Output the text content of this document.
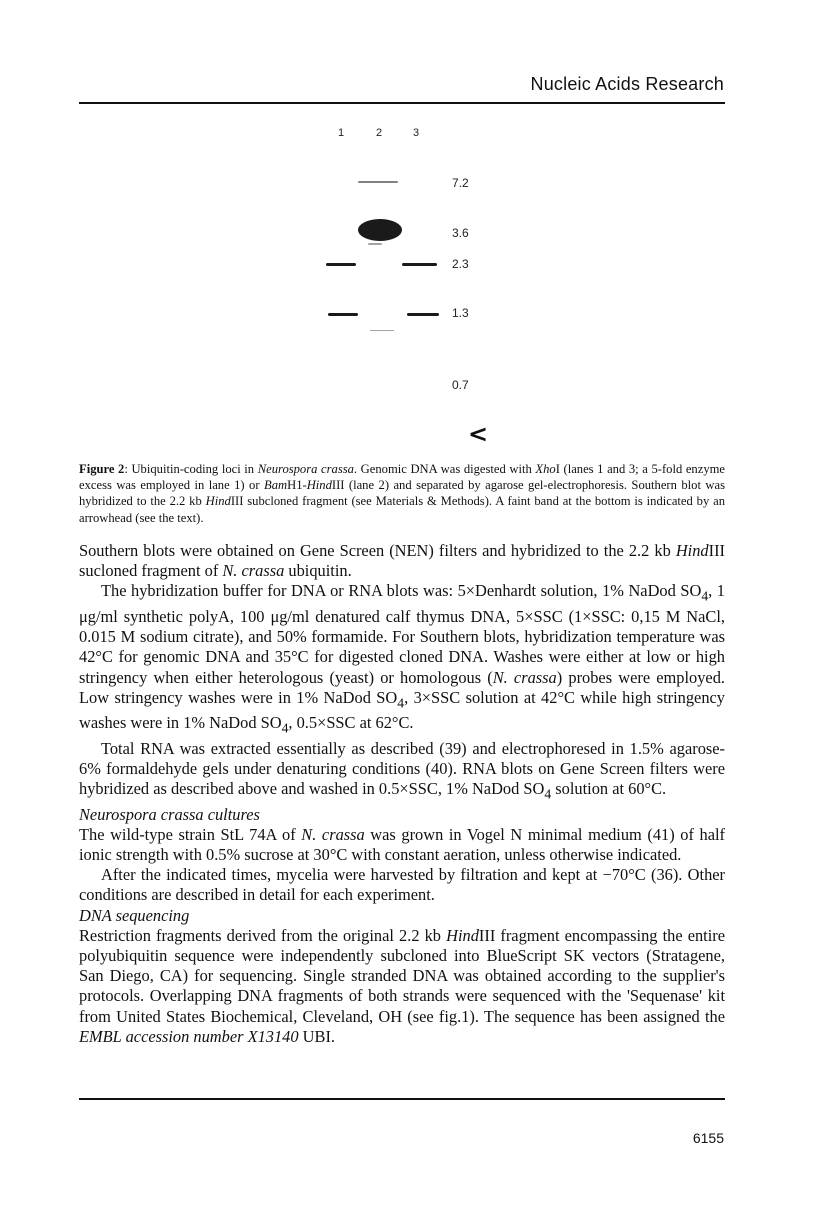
Nucleic Acids Research
1	2	3
7.2
3.6
2.3
1.3
0.7
<
Figure 2: Ubiquitin-coding loci in Neurospora crassa. Genomic DNA was digested with XhoI (lanes 1 and 3; a 5-fold enzyme excess was employed in lane 1) or BamH1-HindIII (lane 2) and separated by agarose gel-electrophoresis. Southern blot was hybridized to the 2.2 kb HindIII subcloned fragment (see Materials & Methods). A faint band at the bottom is indicated by an arrowhead (see the text).

Southern blots were obtained on Gene Screen (NEN) filters and hybridized to the 2.2 kb HindIII sucloned fragment of N. crassa ubiquitin.

The hybridization buffer for DNA or RNA blots was: 5×Denhardt solution, 1% NaDod $SO_4$, 1 μg/ml synthetic polyA, 100 μg/ml denatured calf thymus DNA, 5×SSC (1×SSC: 0,15 M NaCl, 0.015 M sodium citrate), and 50% formamide. For Southern blots, hybridization temperature was 42°C for genomic DNA and 35°C for digested cloned DNA. Washes were either at low or high stringency when either heterologous (yeast) or homologous (N. crassa) probes were employed. Low stringency washes were in 1% NaDod $SO_4$, 3×SSC solution at 42°C while high stringency washes were in 1% NaDod $SO_4$, 0.5×SSC at 62°C.

Total RNA was extracted essentially as described (39) and electrophoresed in 1.5% agarose-6% formaldehyde gels under denaturing conditions (40). RNA blots on Gene Screen filters were hybridized as described above and washed in 0.5×SSC, 1% NaDod $SO_4$ solution at 60°C.

Neurospora crassa cultures

The wild-type strain StL 74A of N. crassa was grown in Vogel N minimal medium (41) of half ionic strength with 0.5% sucrose at 30°C with constant aeration, unless otherwise indicated.

After the indicated times, mycelia were harvested by filtration and kept at −70°C (36). Other conditions are described in detail for each experiment.

DNA sequencing

Restriction fragments derived from the original 2.2 kb HindIII fragment encompassing the entire polyubiquitin sequence were independently subcloned into BlueScript SK vectors (Stratagene, San Diego, CA) for sequencing. Single stranded DNA was obtained according to the supplier's protocols. Overlapping DNA fragments of both strands were sequenced with the 'Sequenase' kit from United States Biochemical, Cleveland, OH (see fig.1). The sequence has been assigned the EMBL accession number X13140 UBI.

6155
